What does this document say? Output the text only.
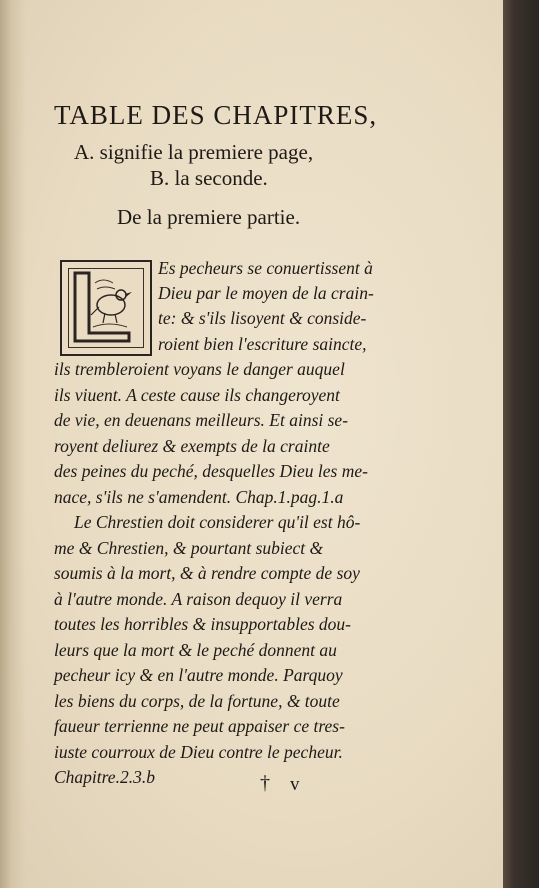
TABLE DES CHAPITRES,
A. signifie la premiere page,
B. la seconde.
De la premiere partie.
Es pecheurs se conuertissent à
Dieu par le moyen de la crain-
te: & s'ils lisoyent & conside-
roient bien l'escriture saincte,
ils trembleroient voyans le danger auquel
ils viuent. A ceste cause ils changeroyent
de vie, en deuenans meilleurs. Et ainsi se-
royent deliurez & exempts de la crainte
des peines du peché, desquelles Dieu les me-
nace, s'ils ne s'amendent. Chap.1.pag.1.a
Le Chrestien doit considerer qu'il est hô-
me & Chrestien, & pourtant subiect &
soumis à la mort, & à rendre compte de soy
à l'autre monde. A raison dequoy il verra
toutes les horribles & insupportables dou-
leurs que la mort & le peché donnent au
pecheur icy & en l'autre monde. Parquoy
les biens du corps, de la fortune, & toute
faueur terrienne ne peut appaiser ce tres-
iuste courroux de Dieu contre le pecheur.
Chapitre.2.3.b	† v
